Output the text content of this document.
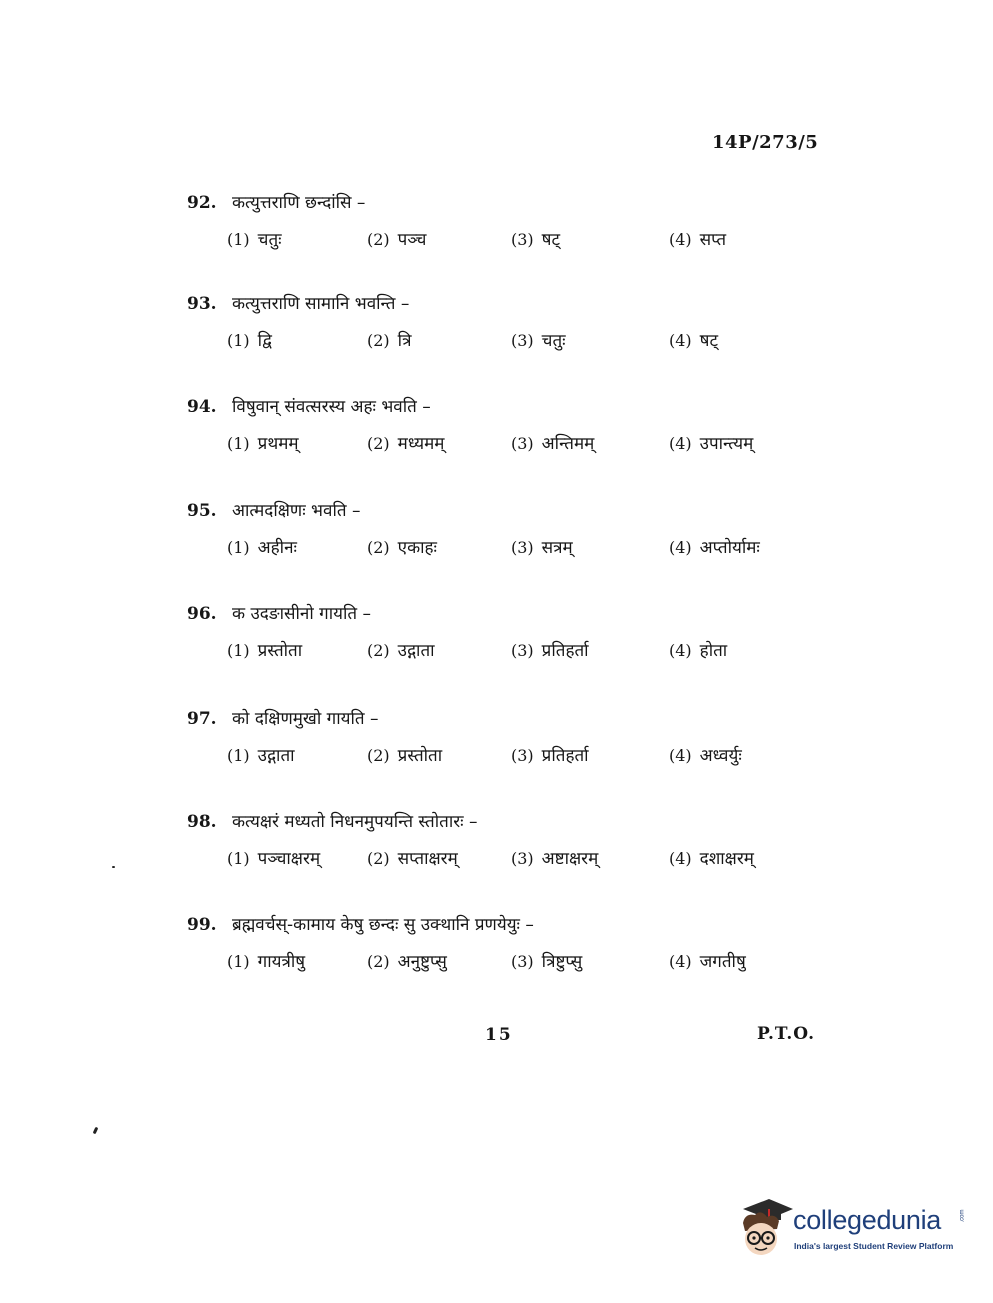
14P/273/5
92. कत्युत्तराणि छन्दांसि –
(1) चतुः	(2) पञ्च	(3) षट्	(4) सप्त
93. कत्युत्तराणि सामानि भवन्ति –
(1) द्वि	(2) त्रि	(3) चतुः	(4) षट्
94. विषुवान् संवत्सरस्य अहः भवति –
(1) प्रथमम्	(2) मध्यमम्	(3) अन्तिमम्	(4) उपान्त्यम्
95. आत्मदक्षिणः भवति –
(1) अहीनः	(2) एकाहः	(3) सत्रम्	(4) अप्तोर्यामः
96. क उदङासीनो गायति –
(1) प्रस्तोता	(2) उद्गाता	(3) प्रतिहर्ता	(4) होता
97. को दक्षिणमुखो गायति –
(1) उद्गाता	(2) प्रस्तोता	(3) प्रतिहर्ता	(4) अध्वर्युः
98. कत्यक्षरं मध्यतो निधनमुपयन्ति स्तोतारः –
(1) पञ्चाक्षरम्	(2) सप्ताक्षरम्	(3) अष्टाक्षरम्	(4) दशाक्षरम्
99. ब्रह्मवर्चस्-कामाय केषु छन्दः सु उक्थानि प्रणयेयुः –
(1) गायत्रीषु	(2) अनुष्टुप्सु	(3) त्रिष्टुप्सु	(4) जगतीषु
15	P.T.O.
collegedunia	.com
India's largest Student Review Platform
